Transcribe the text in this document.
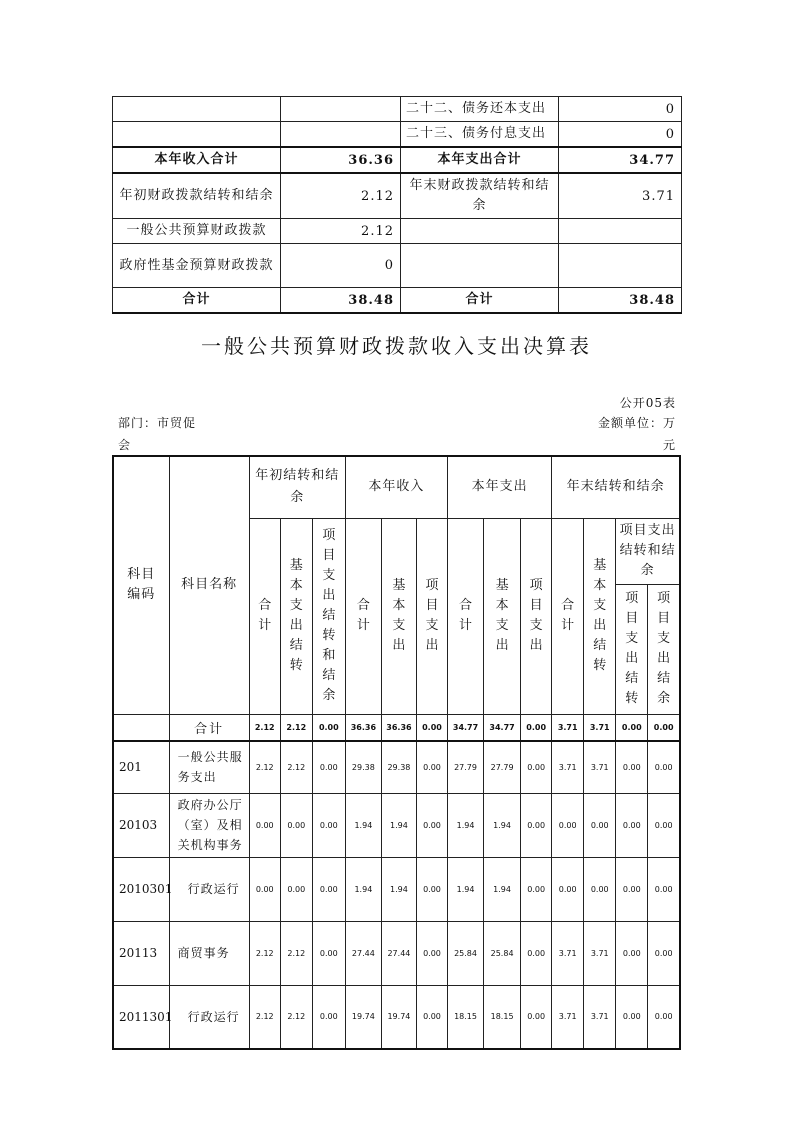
		二十二、债务还本支出	0
		二十三、债务付息支出	0
本年收入合计	36.36	本年支出合计	34.77
年初财政拨款结转和结余	2.12	年末财政拨款结转和结余	3.71
一般公共预算财政拨款	2.12		
政府性基金预算财政拨款	0		
合计	38.48	合计	38.48
一般公共预算财政拨款收入支出决算表
公开05表
部门：市贸促会
金额单位：万元
科目编码	科目名称	年初结转和结余			本年收入			本年支出			年末结转和结余			
		合计	基本支出结转	项目支出结转和结余	合计	基本支出	项目支出	合计	基本支出	项目支出	合计	基本支出结转	项目支出结转和结余	
													项目支出结转	项目支出结余
	合计	2.12	2.12	0.00	36.36	36.36	0.00	34.77	34.77	0.00	3.71	3.71	0.00	0.00
201	一般公共服务支出	2.12	2.12	0.00	29.38	29.38	0.00	27.79	27.79	0.00	3.71	3.71	0.00	0.00
20103	政府办公厅（室）及相关机构事务	0.00	0.00	0.00	1.94	1.94	0.00	1.94	1.94	0.00	0.00	0.00	0.00	0.00
2010301	行政运行	0.00	0.00	0.00	1.94	1.94	0.00	1.94	1.94	0.00	0.00	0.00	0.00	0.00
20113	商贸事务	2.12	2.12	0.00	27.44	27.44	0.00	25.84	25.84	0.00	3.71	3.71	0.00	0.00
2011301	行政运行	2.12	2.12	0.00	19.74	19.74	0.00	18.15	18.15	0.00	3.71	3.71	0.00	0.00
